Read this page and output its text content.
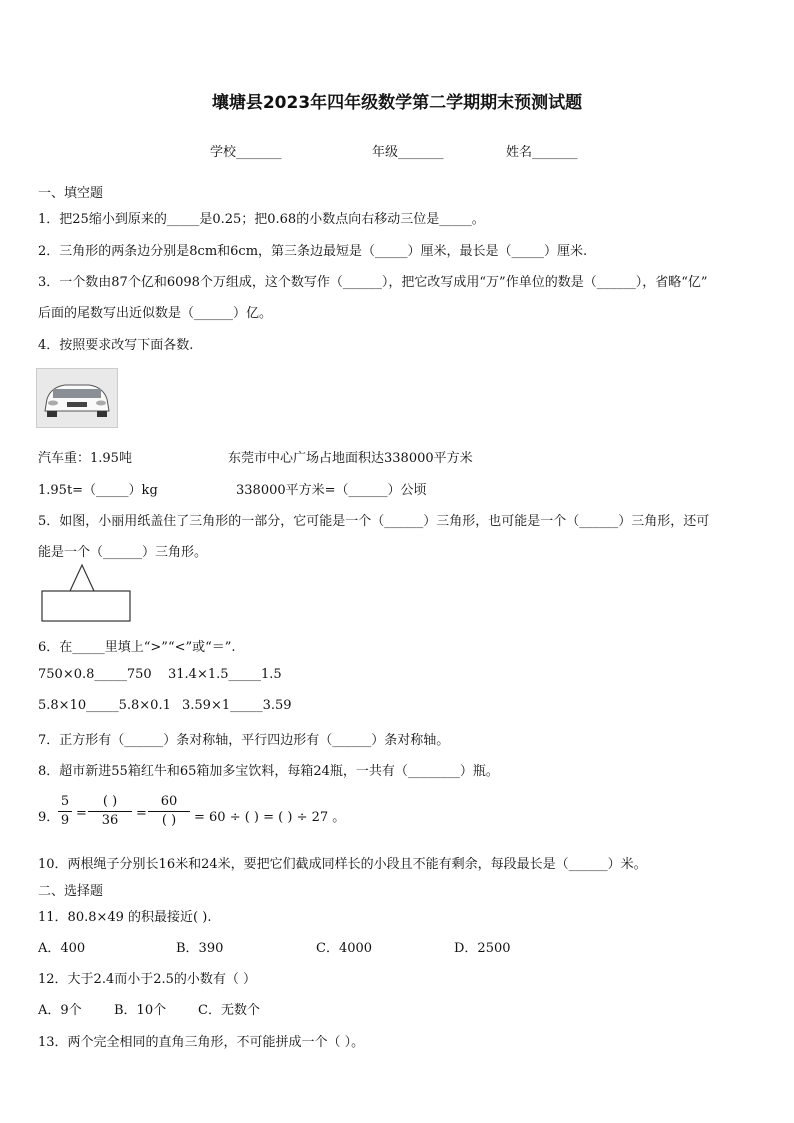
壤塘县2023年四年级数学第二学期期末预测试题
学校_______	年级_______	姓名_______
一、填空题
1．把25缩小到原来的_____是0.25；把0.68的小数点向右移动三位是_____。
2．三角形的两条边分别是8cm和6cm，第三条边最短是（_____）厘米，最长是（_____）厘米.
3．一个数由87个亿和6098个万组成，这个数写作（______），把它改写成用“万”作单位的数是（______），省略“亿”
后面的尾数写出近似数是（______）亿。
4．按照要求改写下面各数.
汽车重：1.95吨	东莞市中心广场占地面积达338000平方米
1.95t=（_____）kg	338000平方米=（______）公顷
5．如图，小丽用纸盖住了三角形的一部分，它可能是一个（______）三角形，也可能是一个（______）三角形，还可
能是一个（______）三角形。
6．在_____里填上“>”“<”或“＝”.
750×0.8_____750 31.4×1.5_____1.5
5.8×10_____5.8×0.1 3.59×1_____3.59
7．正方形有（______）条对称轴，平行四边形有（______）条对称轴。
8．超市新进55箱红牛和65箱加多宝饮料，每箱24瓶，一共有（________）瓶。
9．
5
9 =
( )
36	=
60
( )	= 60 ÷ ( ) = ( ) ÷ 27 。
10．两根绳子分别长16米和24米，要把它们截成同样长的小段且不能有剩余，每段最长是（______）米。
二、选择题
11．80.8×49 的积最接近( ).
A．400	B．390	C．4000	D．2500
12．大于2.4而小于2.5的小数有（ ）
A．9个 B．10个 C．无数个
13．两个完全相同的直角三角形，不可能拼成一个（ ）。
